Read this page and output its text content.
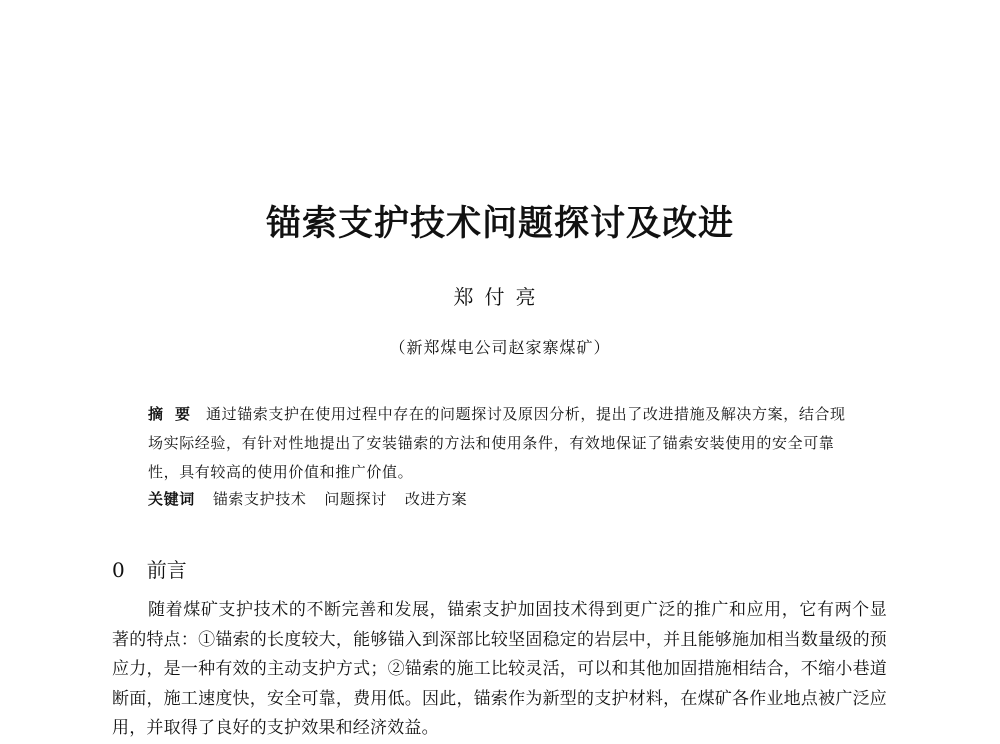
锚索支护技术问题探讨及改进
郑付亮
（新郑煤电公司赵家寨煤矿）
摘要 通过锚索支护在使用过程中存在的问题探讨及原因分析，提出了改进措施及解决方案，结合现场实际经验，有针对性地提出了安装锚索的方法和使用条件，有效地保证了锚索安装使用的安全可靠性，具有较高的使用价值和推广价值。
关键词 锚索支护技术 问题探讨 改进方案
0 前言
随着煤矿支护技术的不断完善和发展，锚索支护加固技术得到更广泛的推广和应用，它有两个显著的特点：①锚索的长度较大，能够锚入到深部比较坚固稳定的岩层中，并且能够施加相当数量级的预应力，是一种有效的主动支护方式；②锚索的施工比较灵活，可以和其他加固措施相结合，不缩小巷道断面，施工速度快，安全可靠，费用低。因此，锚索作为新型的支护材料，在煤矿各作业地点被广泛应用，并取得了良好的支护效果和经济效益。
